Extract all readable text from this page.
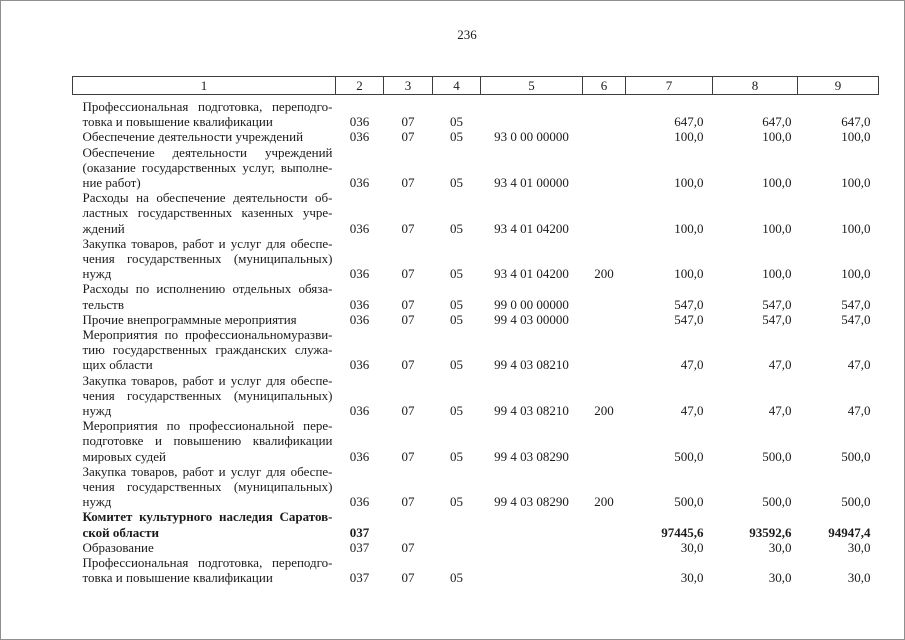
236
1	2	3	4	5	6	7	8	9

Профессиональная подготовка, переподго-
товка и повышение квалификации	036	07	05			647,0	647,0	647,0

Обеспечение деятельности учреждений	036	07	05	93 0 00 00000		100,0	100,0	100,0

Обеспечение деятельности учреждений
(оказание государственных услуг, выполне-
ние работ)	036	07	05	93 4 01 00000		100,0	100,0	100,0

Расходы на обеспечение деятельности об-
ластных государственных казенных учре-
ждений	036	07	05	93 4 01 04200		100,0	100,0	100,0

Закупка товаров, работ и услуг для обеспе-
чения государственных (муниципальных)
нужд	036	07	05	93 4 01 04200	200	100,0	100,0	100,0

Расходы по исполнению отдельных обяза-
тельств	036	07	05	99 0 00 00000		547,0	547,0	547,0

Прочие внепрограммные мероприятия	036	07	05	99 4 03 00000		547,0	547,0	547,0

Мероприятия по профессиональномуразви-
тию государственных гражданских служа-
щих области	036	07	05	99 4 03 08210		47,0	47,0	47,0

Закупка товаров, работ и услуг для обеспе-
чения государственных (муниципальных)
нужд	036	07	05	99 4 03 08210	200	47,0	47,0	47,0

Мероприятия по профессиональной пере-
подготовке и повышению квалификации
мировых судей	036	07	05	99 4 03 08290		500,0	500,0	500,0

Закупка товаров, работ и услуг для обеспе-
чения государственных (муниципальных)
нужд	036	07	05	99 4 03 08290	200	500,0	500,0	500,0

Комитет культурного наследия Саратов-
ской области	037					97445,6	93592,6	94947,4

Образование	037	07				30,0	30,0	30,0

Профессиональная подготовка, переподго-
товка и повышение квалификации	037	07	05			30,0	30,0	30,0
